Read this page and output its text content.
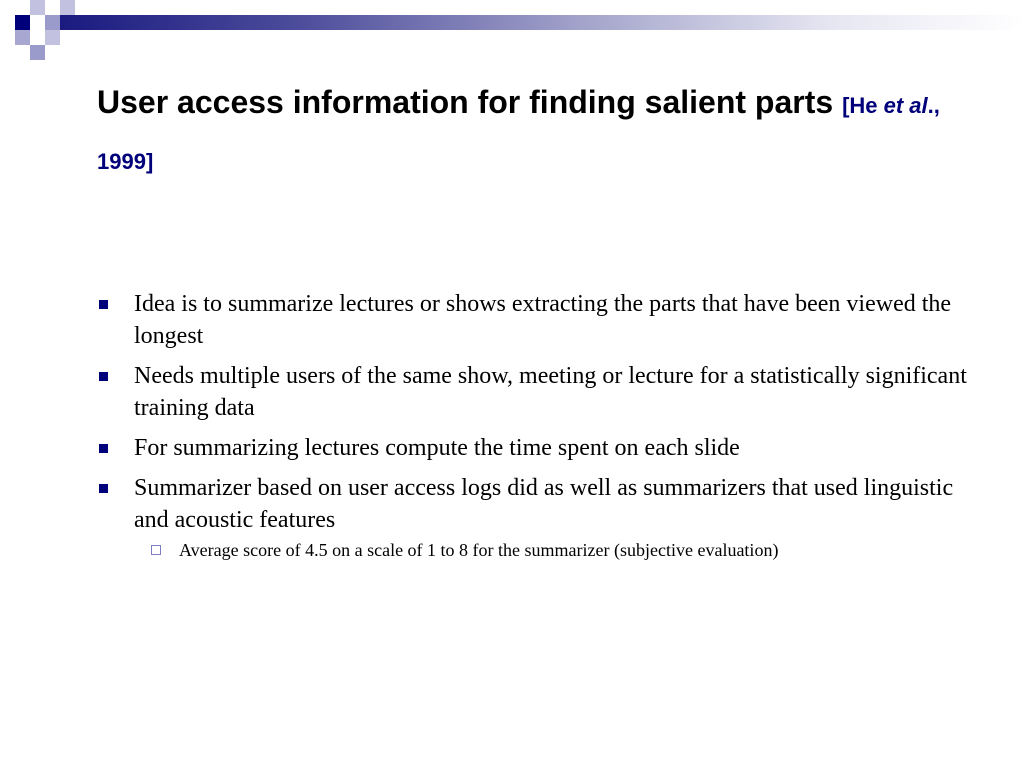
User access information for finding salient parts [He et al., 1999]
Idea is to summarize lectures or shows extracting the parts that have been viewed the longest
Needs multiple users of the same show, meeting or lecture for a statistically significant training data
For summarizing lectures compute the time spent on each slide
Summarizer based on user access logs did as well as summarizers that used linguistic and acoustic features
Average score of 4.5 on a scale of 1 to 8 for the summarizer (subjective evaluation)
